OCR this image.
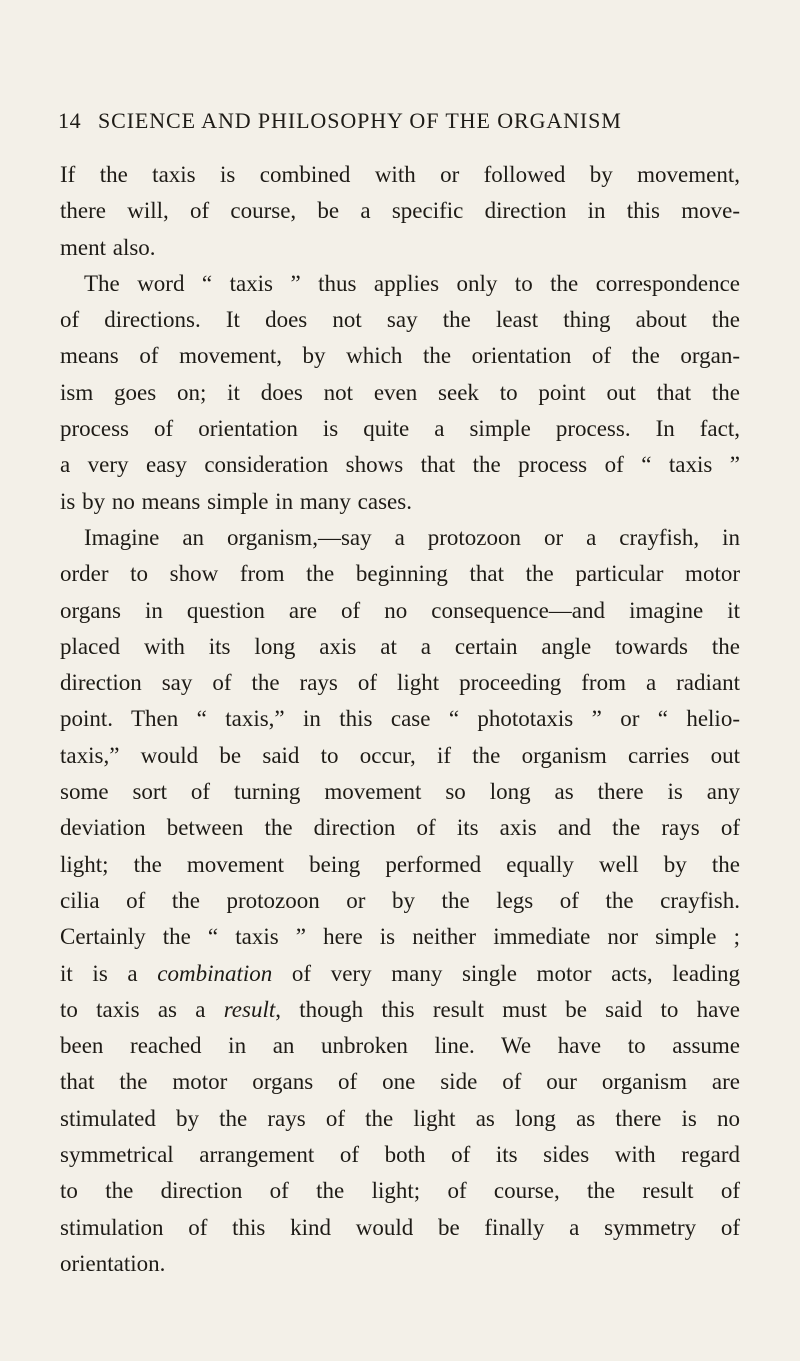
14 SCIENCE AND PHILOSOPHY OF THE ORGANISM
If the taxis is combined with or followed by movement,
there will, of course, be a specific direction in this move-
ment also.
The word “ taxis ” thus applies only to the correspondence
of directions. It does not say the least thing about the
means of movement, by which the orientation of the organ-
ism goes on; it does not even seek to point out that the
process of orientation is quite a simple process. In fact,
a very easy consideration shows that the process of “ taxis ”
is by no means simple in many cases.
Imagine an organism,—say a protozoon or a crayfish, in
order to show from the beginning that the particular motor
organs in question are of no consequence—and imagine it
placed with its long axis at a certain angle towards the
direction say of the rays of light proceeding from a radiant
point. Then “ taxis,” in this case “ phototaxis ” or “ helio-
taxis,” would be said to occur, if the organism carries out
some sort of turning movement so long as there is any
deviation between the direction of its axis and the rays of
light; the movement being performed equally well by the
cilia of the protozoon or by the legs of the crayfish.
Certainly the “ taxis ” here is neither immediate nor simple ;
it is a combination of very many single motor acts, leading
to taxis as a result, though this result must be said to have
been reached in an unbroken line. We have to assume
that the motor organs of one side of our organism are
stimulated by the rays of the light as long as there is no
symmetrical arrangement of both of its sides with regard
to the direction of the light; of course, the result of
stimulation of this kind would be finally a symmetry of
orientation.
